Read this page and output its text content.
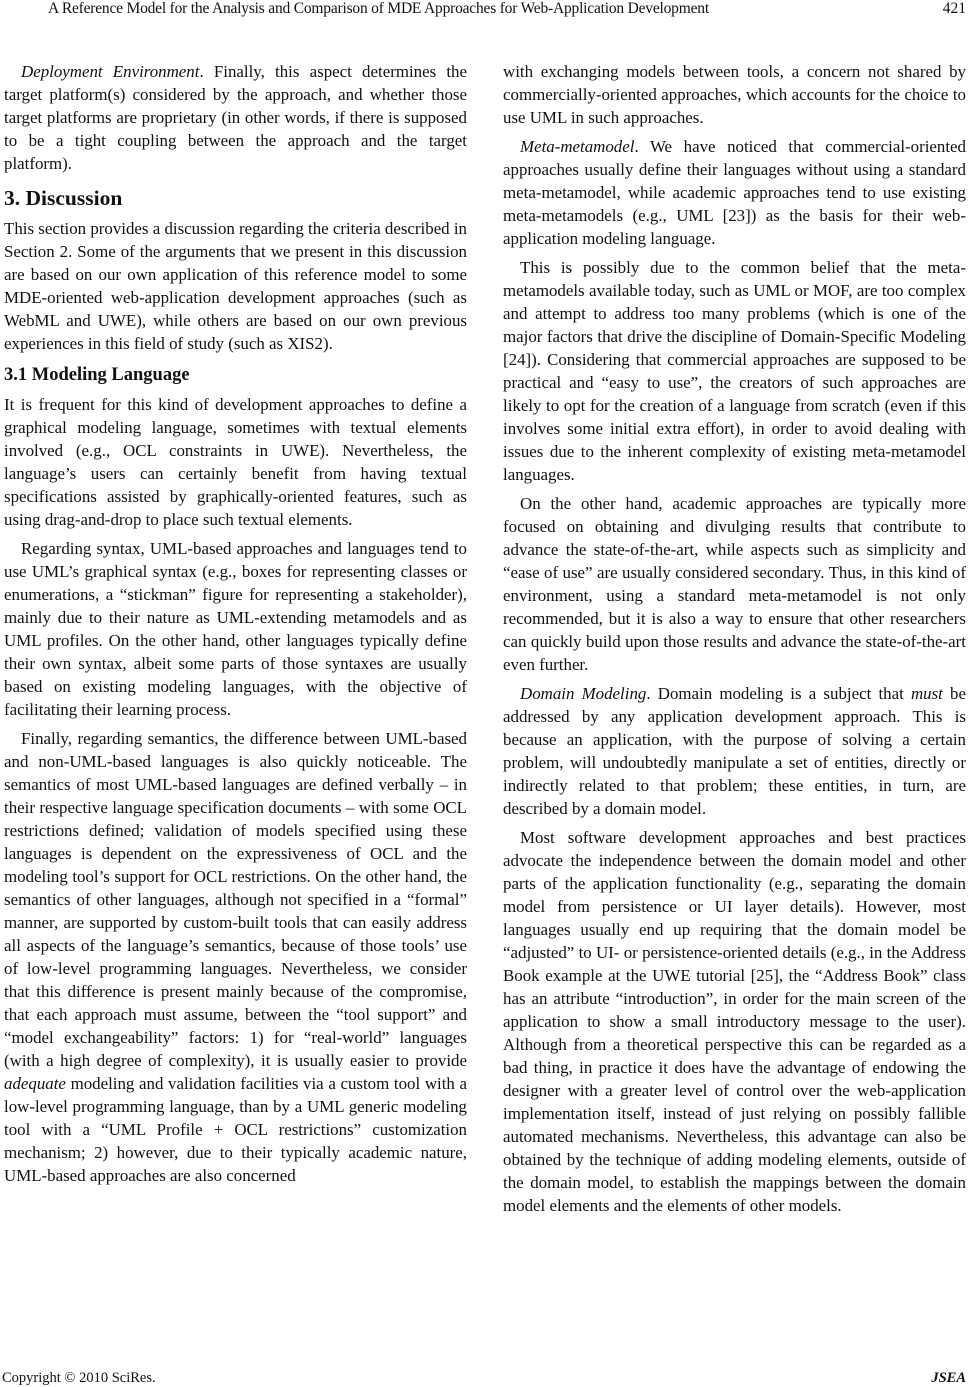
A Reference Model for the Analysis and Comparison of MDE Approaches for Web-Application Development	421

Deployment Environment. Finally, this aspect determines the target platform(s) considered by the approach, and whether those target platforms are proprietary (in other words, if there is supposed to be a tight coupling between the approach and the target platform).

3. Discussion

This section provides a discussion regarding the criteria described in Section 2. Some of the arguments that we present in this discussion are based on our own application of this reference model to some MDE-oriented web-application development approaches (such as WebML and UWE), while others are based on our own previous experiences in this field of study (such as XIS2).

3.1 Modeling Language

It is frequent for this kind of development approaches to define a graphical modeling language, sometimes with textual elements involved (e.g., OCL constraints in UWE). Nevertheless, the language’s users can certainly benefit from having textual specifications assisted by graphically-oriented features, such as using drag-and-drop to place such textual elements.

Regarding syntax, UML-based approaches and languages tend to use UML’s graphical syntax (e.g., boxes for representing classes or enumerations, a “stickman” figure for representing a stakeholder), mainly due to their nature as UML-extending metamodels and as UML profiles. On the other hand, other languages typically define their own syntax, albeit some parts of those syntaxes are usually based on existing modeling languages, with the objective of facilitating their learning process.

Finally, regarding semantics, the difference between UML-based and non-UML-based languages is also quickly noticeable. The semantics of most UML-based languages are defined verbally – in their respective language specification documents – with some OCL restrictions defined; validation of models specified using these languages is dependent on the expressiveness of OCL and the modeling tool’s support for OCL restrictions. On the other hand, the semantics of other languages, although not specified in a “formal” manner, are supported by custom-built tools that can easily address all aspects of the language’s semantics, because of those tools’ use of low-level programming languages. Nevertheless, we consider that this difference is present mainly because of the compromise, that each approach must assume, between the “tool support” and “model exchangeability” factors: 1) for “real-world” languages (with a high degree of complexity), it is usually easier to provide adequate modeling and validation facilities via a custom tool with a low-level programming language, than by a UML generic modeling tool with a “UML Profile + OCL restrictions” customization mechanism; 2) however, due to their typically academic nature, UML-based approaches are also concerned

with exchanging models between tools, a concern not shared by commercially-oriented approaches, which accounts for the choice to use UML in such approaches.

Meta-metamodel. We have noticed that commercial-oriented approaches usually define their languages without using a standard meta-metamodel, while academic approaches tend to use existing meta-metamodels (e.g., UML [23]) as the basis for their web-application modeling language.

This is possibly due to the common belief that the meta-metamodels available today, such as UML or MOF, are too complex and attempt to address too many problems (which is one of the major factors that drive the discipline of Domain-Specific Modeling [24]). Considering that commercial approaches are supposed to be practical and “easy to use”, the creators of such approaches are likely to opt for the creation of a language from scratch (even if this involves some initial extra effort), in order to avoid dealing with issues due to the inherent complexity of existing meta-metamodel languages.

On the other hand, academic approaches are typically more focused on obtaining and divulging results that contribute to advance the state-of-the-art, while aspects such as simplicity and “ease of use” are usually considered secondary. Thus, in this kind of environment, using a standard meta-metamodel is not only recommended, but it is also a way to ensure that other researchers can quickly build upon those results and advance the state-of-the-art even further.

Domain Modeling. Domain modeling is a subject that must be addressed by any application development approach. This is because an application, with the purpose of solving a certain problem, will undoubtedly manipulate a set of entities, directly or indirectly related to that problem; these entities, in turn, are described by a domain model.

Most software development approaches and best practices advocate the independence between the domain model and other parts of the application functionality (e.g., separating the domain model from persistence or UI layer details). However, most languages usually end up requiring that the domain model be “adjusted” to UI- or persistence-oriented details (e.g., in the Address Book example at the UWE tutorial [25], the “Address Book” class has an attribute “introduction”, in order for the main screen of the application to show a small introductory message to the user). Although from a theoretical perspective this can be regarded as a bad thing, in practice it does have the advantage of endowing the designer with a greater level of control over the web-application implementation itself, instead of just relying on possibly fallible automated mechanisms. Nevertheless, this advantage can also be obtained by the technique of adding modeling elements, outside of the domain model, to establish the mappings between the domain model elements and the elements of other models.

Copyright © 2010 SciRes.	JSEA
